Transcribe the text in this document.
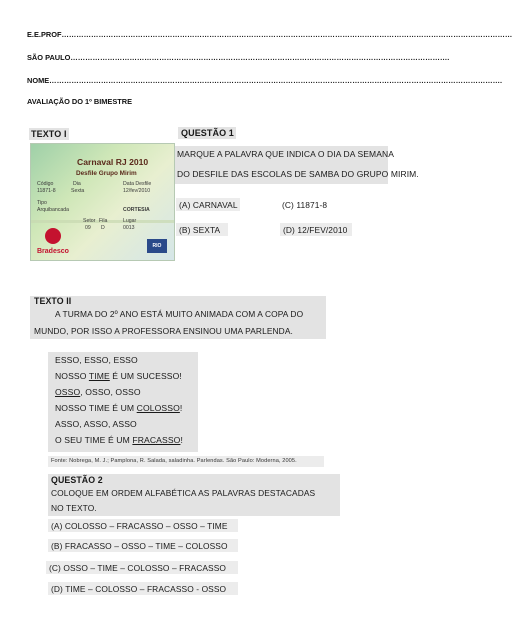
E.E.PROF…………………………………………………………………………………………………………………………………………………………………
SÃO PAULO……………………………………………………………………………………………………………………………………….
NOME………………………………………………………………………………………………………………………………………………………………….
AVALIAÇÃO DO 1º BIMESTRE
TEXTO I
Carnaval RJ 2010
Desfile Grupo Mirim
Código
11871-8
Dia
Sexta
Data Desfile
12/fev/2010
Tipo
Arquibancada	CORTESIA
Setor Fila	Lugar
09 D	0013
Bradesco
RIO
QUESTÃO 1
MARQUE A PALAVRA QUE INDICA O DIA DA SEMANA
DO DESFILE DAS ESCOLAS DE SAMBA DO GRUPO MIRIM.
(A) CARNAVAL	(C) 11871-8
(B) SEXTA	(D) 12/FEV/2010
TEXTO II
A TURMA DO 2º ANO ESTÁ MUITO ANIMADA COM A COPA DO
MUNDO, POR ISSO A PROFESSORA ENSINOU UMA PARLENDA.
ESSO, ESSO, ESSO
NOSSO TIME É UM SUCESSO!
OSSO, OSSO, OSSO
NOSSO TIME É UM COLOSSO!
ASSO, ASSO, ASSO
O SEU TIME É UM FRACASSO!
Fonte: Nobrega, M. J.; Pamplona, R. Salada, saladinha. Parlendas. São Paulo: Moderna, 2005.
QUESTÃO 2
COLOQUE EM ORDEM ALFABÉTICA AS PALAVRAS DESTACADAS
NO TEXTO.
(A) COLOSSO – FRACASSO – OSSO – TIME
(B) FRACASSO – OSSO – TIME – COLOSSO
(C) OSSO – TIME – COLOSSO – FRACASSO
(D) TIME – COLOSSO – FRACASSO - OSSO
